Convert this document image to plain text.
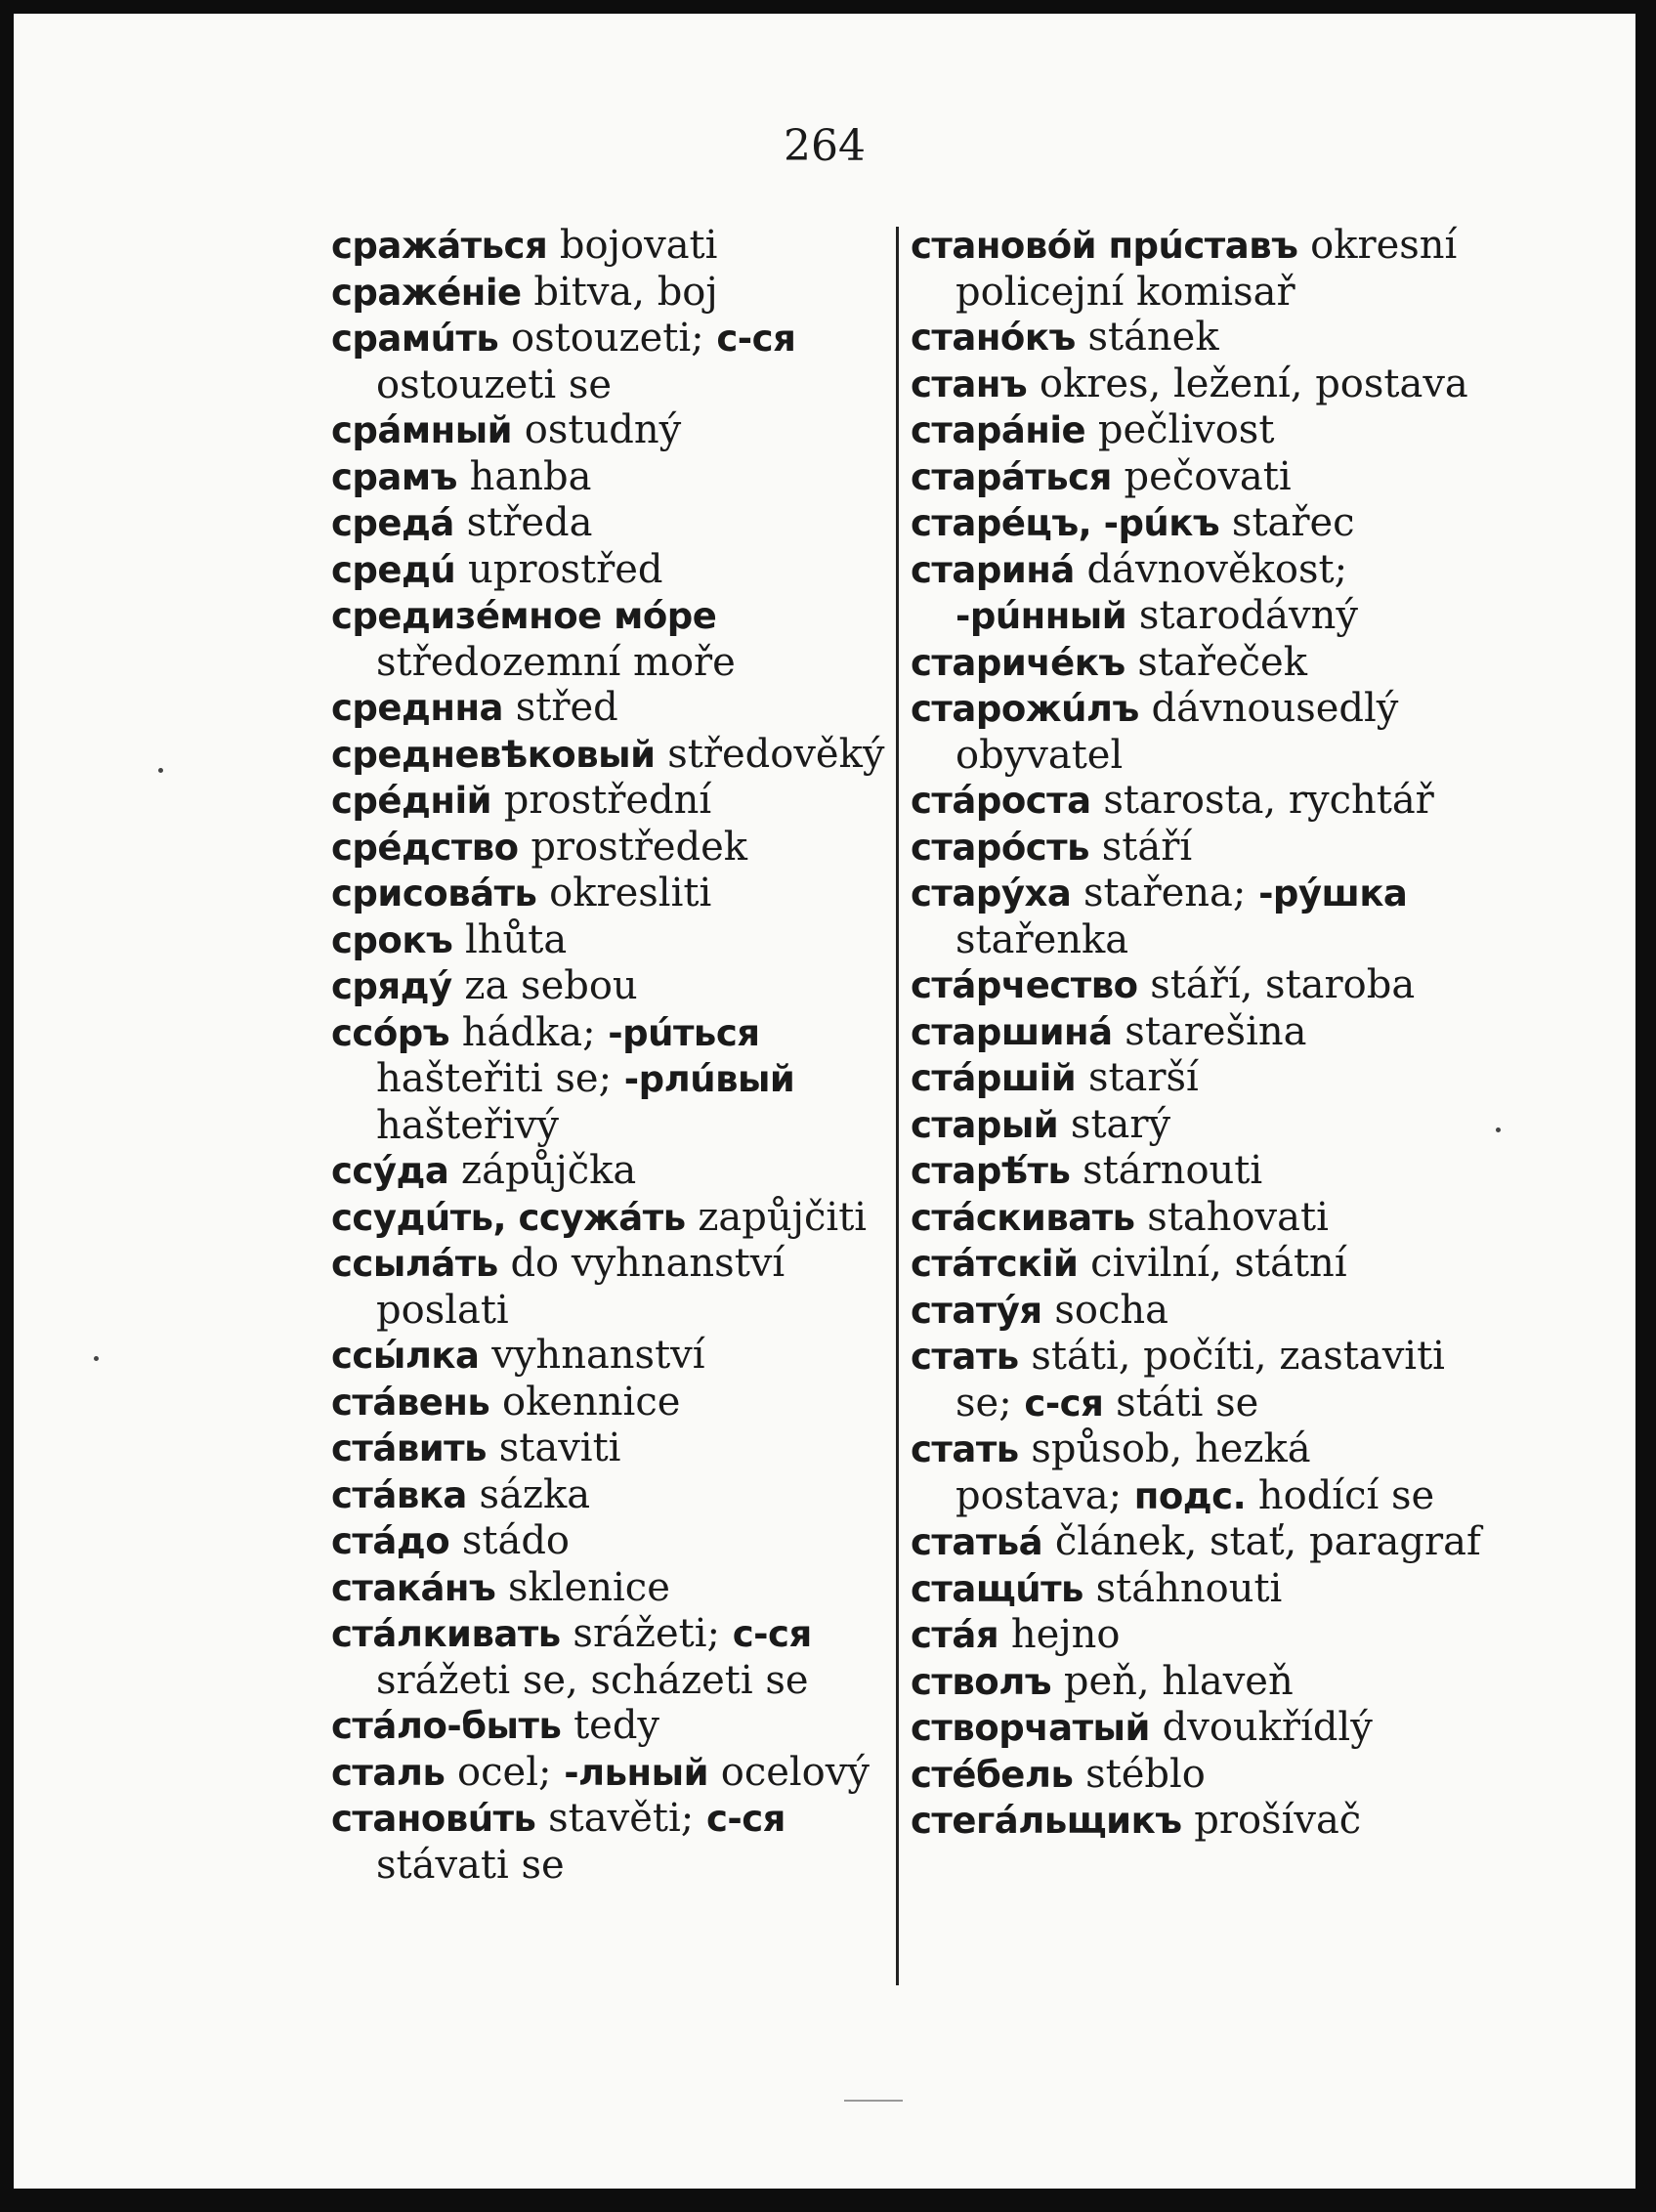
264
сражáться bojovati
сражéнie bitva, boj
срамúть ostouzeti; с-ся ostouzeti se
срáмный ostudný
срамъ hanba
средá středa
средú uprostřed
средизéмное мóре středozemní moře
среднна střed
средневѣковый středověký
срéднiй prostřední
срéдство prostředek
срисовáть okresliti
срокъ lhůta
срядý za sebou
ссóръ hádka; -рúться hašteřiti se; -рлúвый hašteřivý
ссýда zápůjčka
ссудúть, ссужáть zapůjčiti
ссылáть do vyhnanství poslati
ссы́лка vyhnanství
стáвень okennice
стáвить staviti
стáвка sázka
стáдо stádo
стакáнъ sklenice
стáлкивать srážeti; с-ся srážeti se, scházeti se
стáло-быть tedy
сталь ocel; -льный ocelový
становúть stavěti; с-ся stávati se
становóй прúставъ okresní policejní komisař
станóкъ stánek
станъ okres, ležení, postava
старáнie pečlivost
старáться pečovati
старéцъ, -рúкъ stařec
старинá dávnověkost; -рúнный starodávný
старичéкъ stařeček
старожúлъ dávnousedlý obyvatel
стáроста starosta, rychtář
старóсть stáří
старýха stařena; -рýшка stařenka
стáрчество stáří, staroba
старшинá starešina
стáршiй starší
старый starý
старѣ́ть stárnouti
стáскивать stahovati
стáтскiй civilní, státní
статýя socha
стать státi, počíti, zastaviti se; с-ся státi se
стать spůsob, hezká postava; подс. hodící se
статьá článek, stať, paragraf
стащúть stáhnouti
стáя hejno
стволъ peň, hlaveň
створчатый dvoukřídlý
стéбель stéblo
стегáльщикъ prošívač
